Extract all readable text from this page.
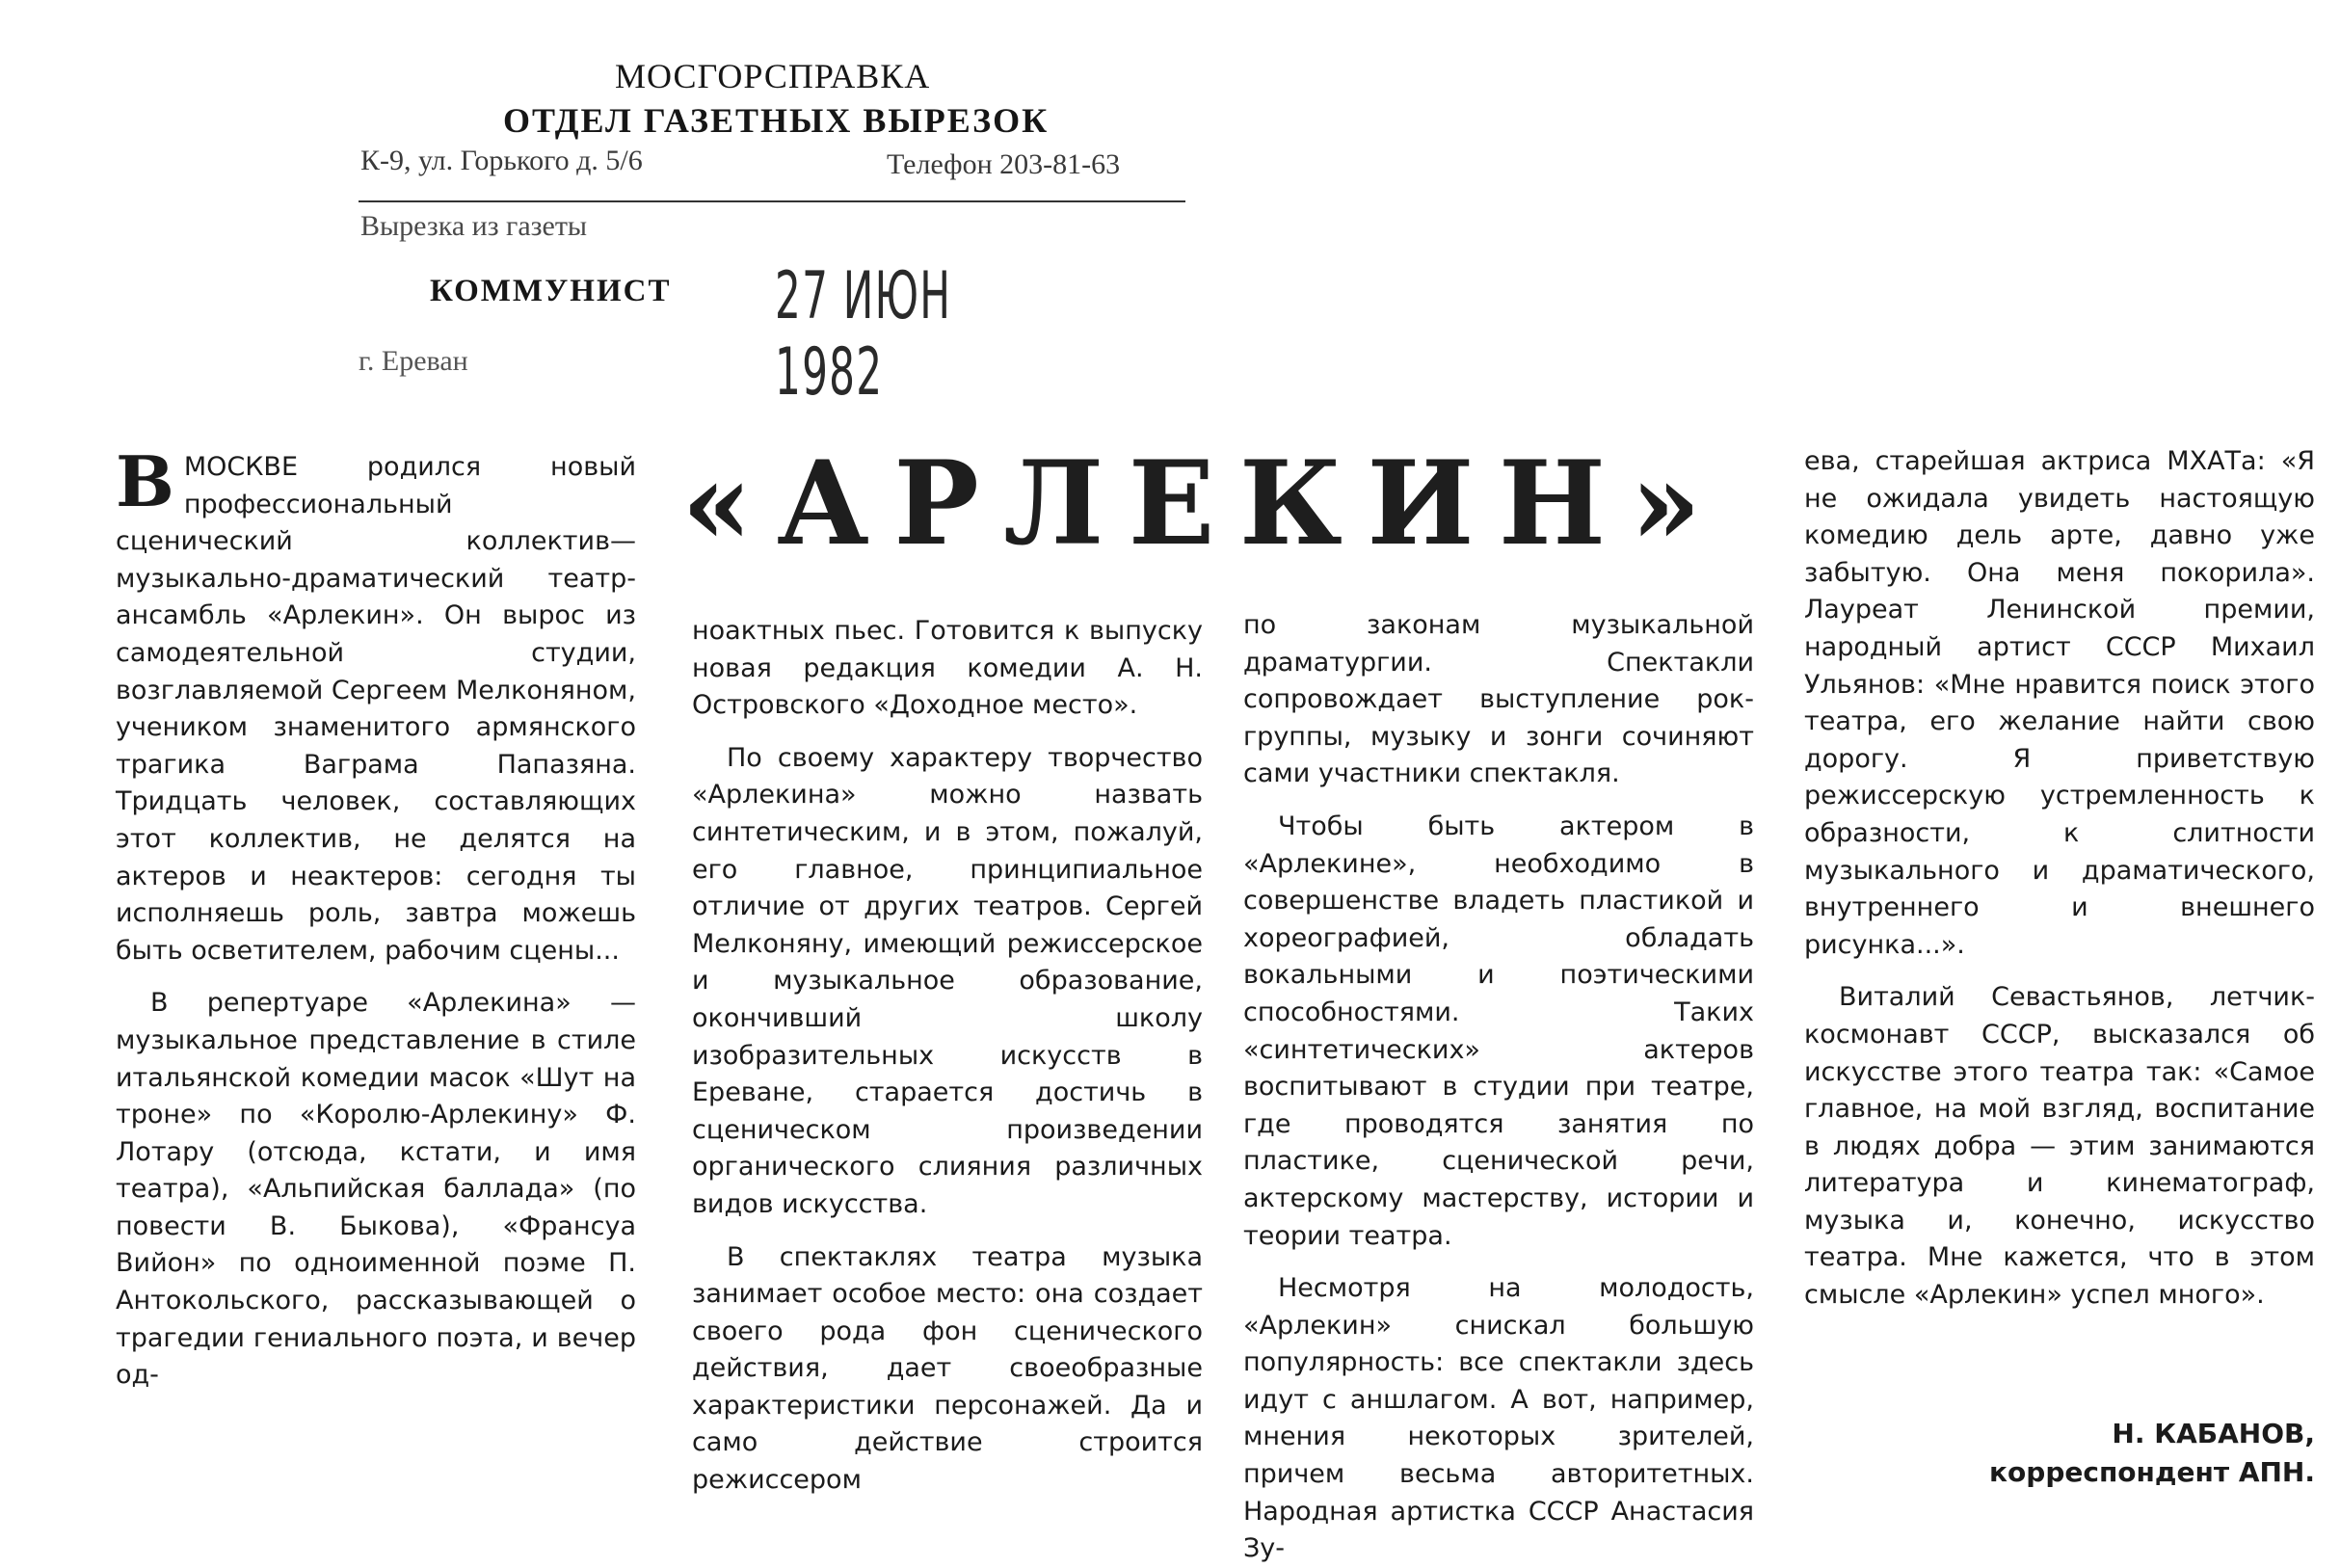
МОСГОРСПРАВКА
ОТДЕЛ ГАЗЕТНЫХ ВЫРЕЗОК
К-9, ул. Горького д. 5/6	Телефон 203-81-63
Вырезка из газеты
КОММУНИСТ 27 ИЮН 1982
г. Ереван
«АРЛЕКИН»
В МОСКВЕ родился новый профессиональный сценический коллектив—музыкально-драматический театр-ансамбль «Арлекин». Он вырос из самодеятельной студии, возглавляемой Сергеем Мелконяном, учеником знаменитого армянского трагика Ваграма Папазяна. Тридцать человек, составляющих этот коллектив, не делятся на актеров и неактеров: сегодня ты исполняешь роль, завтра можешь быть осветителем, рабочим сцены...

В репертуаре «Арлекина» — музыкальное представление в стиле итальянской комедии масок «Шут на троне» по «Королю-Арлекину» Ф. Лотару (отсюда, кстати, и имя театра), «Альпийская баллада» (по повести В. Быкова), «Франсуа Вийон» по одноименной поэме П. Антокольского, рассказывающей о трагедии гениального поэта, и вечер од-

ноактных пьес. Готовится к выпуску новая редакция комедии А. Н. Островского «Доходное место».

По своему характеру творчество «Арлекина» можно назвать синтетическим, и в этом, пожалуй, его главное, принципиальное отличие от других театров. Сергей Мелконяну, имеющий режиссерское и музыкальное образование, окончивший школу изобразительных искусств в Ереване, старается достичь в сценическом произведении органического слияния различных видов искусства.

В спектаклях театра музыка занимает особое место: она создает своего рода фон сценического действия, дает своеобразные характеристики персонажей. Да и само действие строится режиссером

по законам музыкальной драматургии. Спектакли сопровождает выступление рок-группы, музыку и зонги сочиняют сами участники спектакля.

Чтобы быть актером в «Арлекине», необходимо в совершенстве владеть пластикой и хореографией, обладать вокальными и поэтическими способностями. Таких «синтетических» актеров воспитывают в студии при театре, где проводятся занятия по пластике, сценической речи, актерскому мастерству, истории и теории театра.

Несмотря на молодость, «Арлекин» снискал большую популярность: все спектакли здесь идут с аншлагом. А вот, например, мнения некоторых зрителей, причем весьма авторитетных. Народная артистка СССР Анастасия Зу-

ева, старейшая актриса МХАТа: «Я не ожидала увидеть настоящую комедию дель арте, давно уже забытую. Она меня покорила». Лауреат Ленинской премии, народный артист СССР Михаил Ульянов: «Мне нравится поиск этого театра, его желание найти свою дорогу. Я приветствую режиссерскую устремленность к образности, к слитности музыкального и драматического, внутреннего и внешнего рисунка...».

Виталий Севастьянов, летчик-космонавт СССР, высказался об искусстве этого театра так: «Самое главное, на мой взгляд, воспитание в людях добра — этим занимаются литература и кинематограф, музыка и, конечно, искусство театра. Мне кажется, что в этом смысле «Арлекин» успел много».

Н. КАБАНОВ,
корреспондент АПН.
